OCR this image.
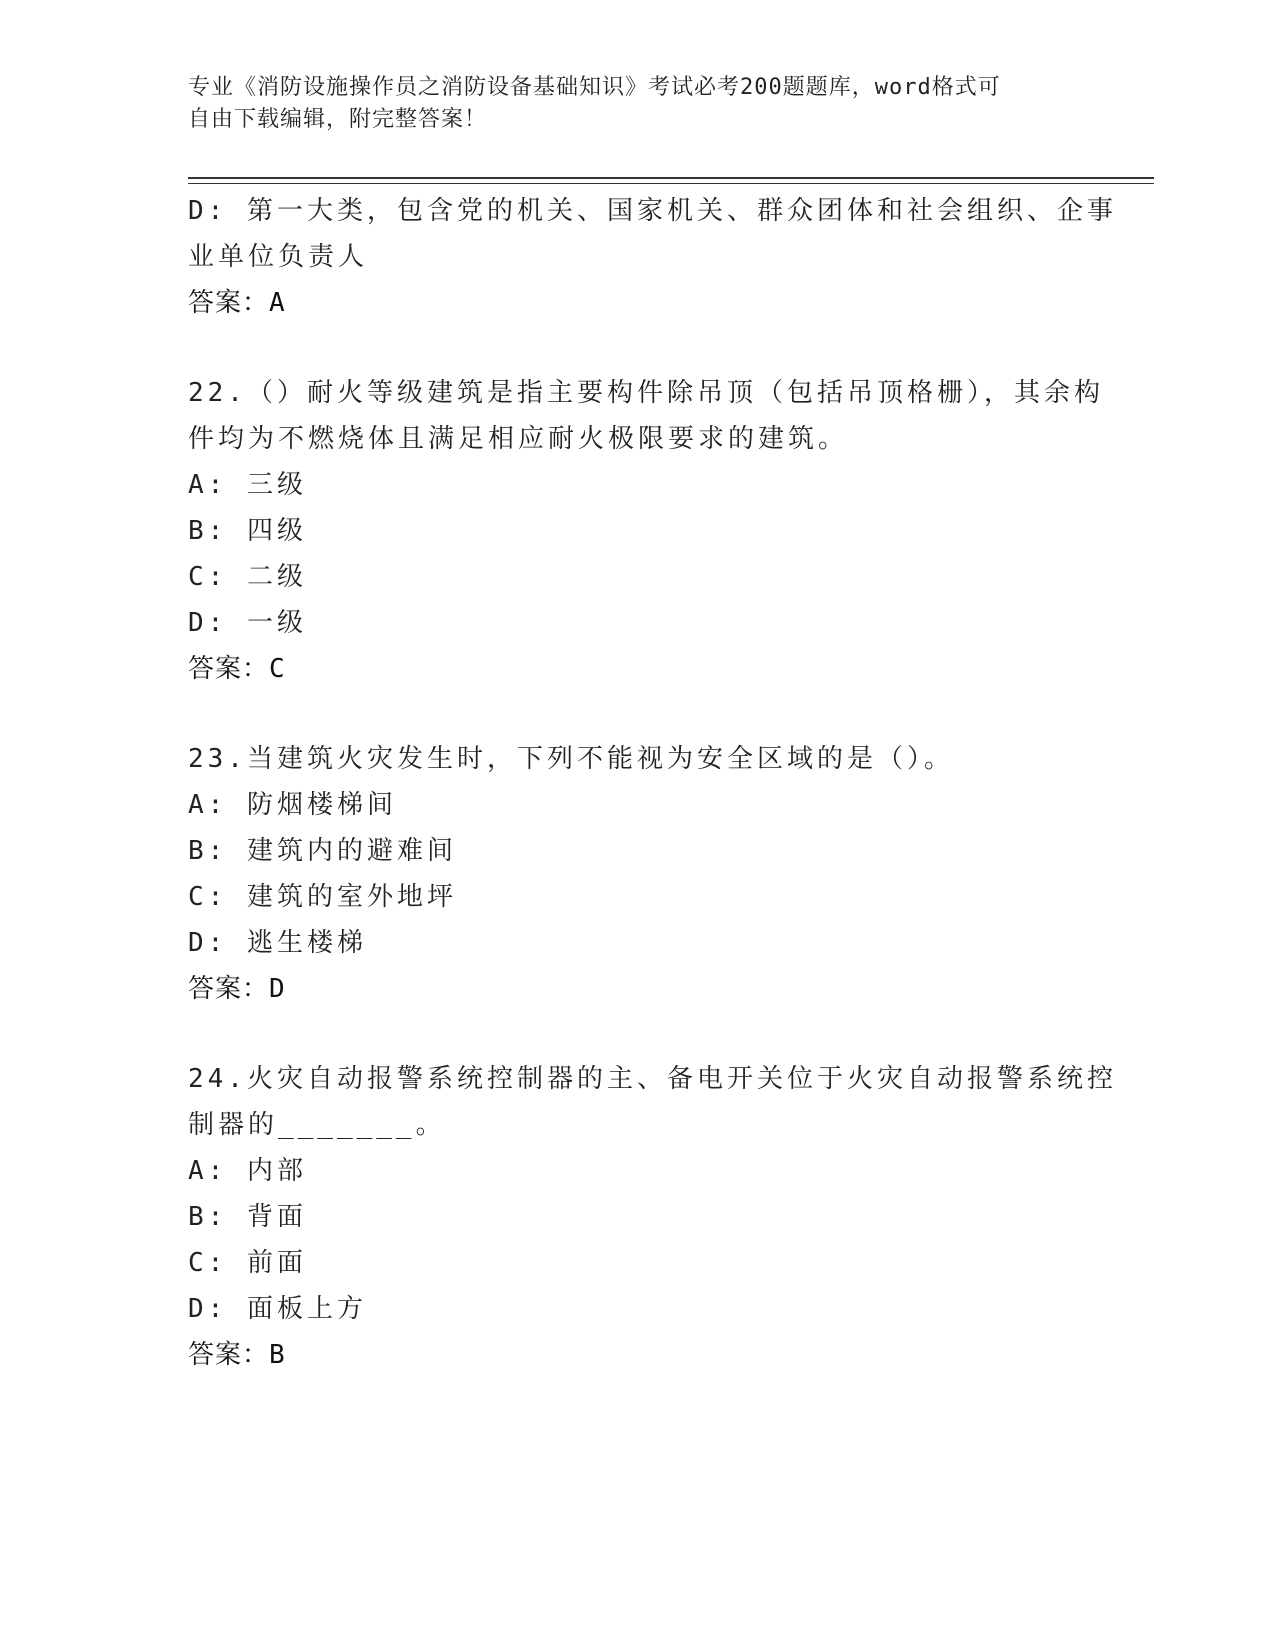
专业《消防设施操作员之消防设备基础知识》考试必考200题题库，word格式可
自由下载编辑，附完整答案！
D: 第一大类，包含党的机关、国家机关、群众团体和社会组织、企事
业单位负责人
答案：A
22.（）耐火等级建筑是指主要构件除吊顶（包括吊顶格栅），其余构
件均为不燃烧体且满足相应耐火极限要求的建筑。
A: 三级
B: 四级
C: 二级
D: 一级
答案：C
23.当建筑火灾发生时，下列不能视为安全区域的是（）。
A: 防烟楼梯间
B: 建筑内的避难间
C: 建筑的室外地坪
D: 逃生楼梯
答案：D
24.火灾自动报警系统控制器的主、备电开关位于火灾自动报警系统控
制器的_______。
A: 内部
B: 背面
C: 前面
D: 面板上方
答案：B
